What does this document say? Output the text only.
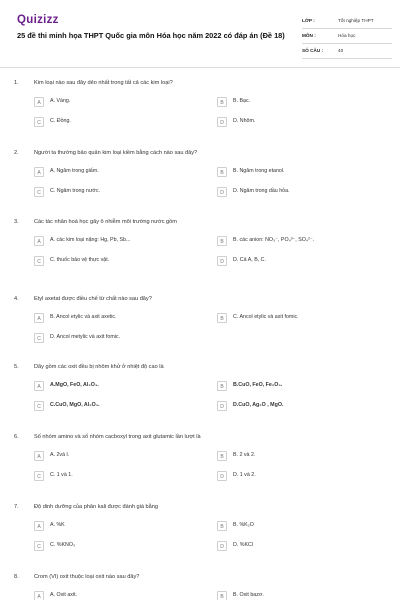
Quizizz
25 đề thi minh họa THPT Quốc gia môn Hóa học năm 2022 có đáp án (Đề 18)
LỚP :	Tốt nghiệp THPT
MÔN :	Hóa học
SỐ CÂU :	40
1.	Kim loại nào sau đây dẻo nhất trong tất cả các kim loại?
A	A. Vàng.	B	B. Bạc.
C	C. Đồng.	D	D. Nhôm.
2.	Người ta thường bảo quản kim loại kiềm bằng cách nào sau đây?
A	A. Ngâm trong giấm.	B	B. Ngâm trong etanol.
C	C. Ngâm trong nước.	D	D. Ngâm trong dầu hỏa.
3.	Các tác nhân hoá học gây ô nhiễm môi trường nước gồm
A	A. các kim loại nặng: Hg, Pb, Sb...	B	B. các anion: NO₃⁻, PO₄³⁻, SO₄²⁻.
C	C. thuốc bảo vệ thực vật.	D	D. Cả A, B, C.
4.	Etyl axetat được điều chế từ chất nào sau đây?
A	B. Ancol etylic và axit axetic.	B	C. Ancol etylic và axit fomic.
C	D. Ancol metylic và axit fomic.
5.	Dãy gồm các oxit đều bị nhôm khử ở nhiệt độ cao là
A	A.MgO, FeO, Al₂O₃.	B	B.CuO, FeO, Fe₂O₃.
C	C.CuO, MgO, Al₂O₃.	D	D.CuO, Ag₂O , MgO.
6.	Số nhóm amino và số nhóm cacboxyl trong axit glutamic lần lượt là
A	A. 2và l.	B	B. 2 và 2.
C	C. 1 và 1.	D	D. 1 và 2.
7.	Độ dinh dưỡng của phân kali được đánh giá bằng
A	A. %K	B	B. %K₂O
C	C. %KNO₃	D	D. %KCl
8.	Crom (VI) oxit thuộc loại oxit nào sau đây?
A	A. Oxit axit.	B	B. Oxit bazơ.
